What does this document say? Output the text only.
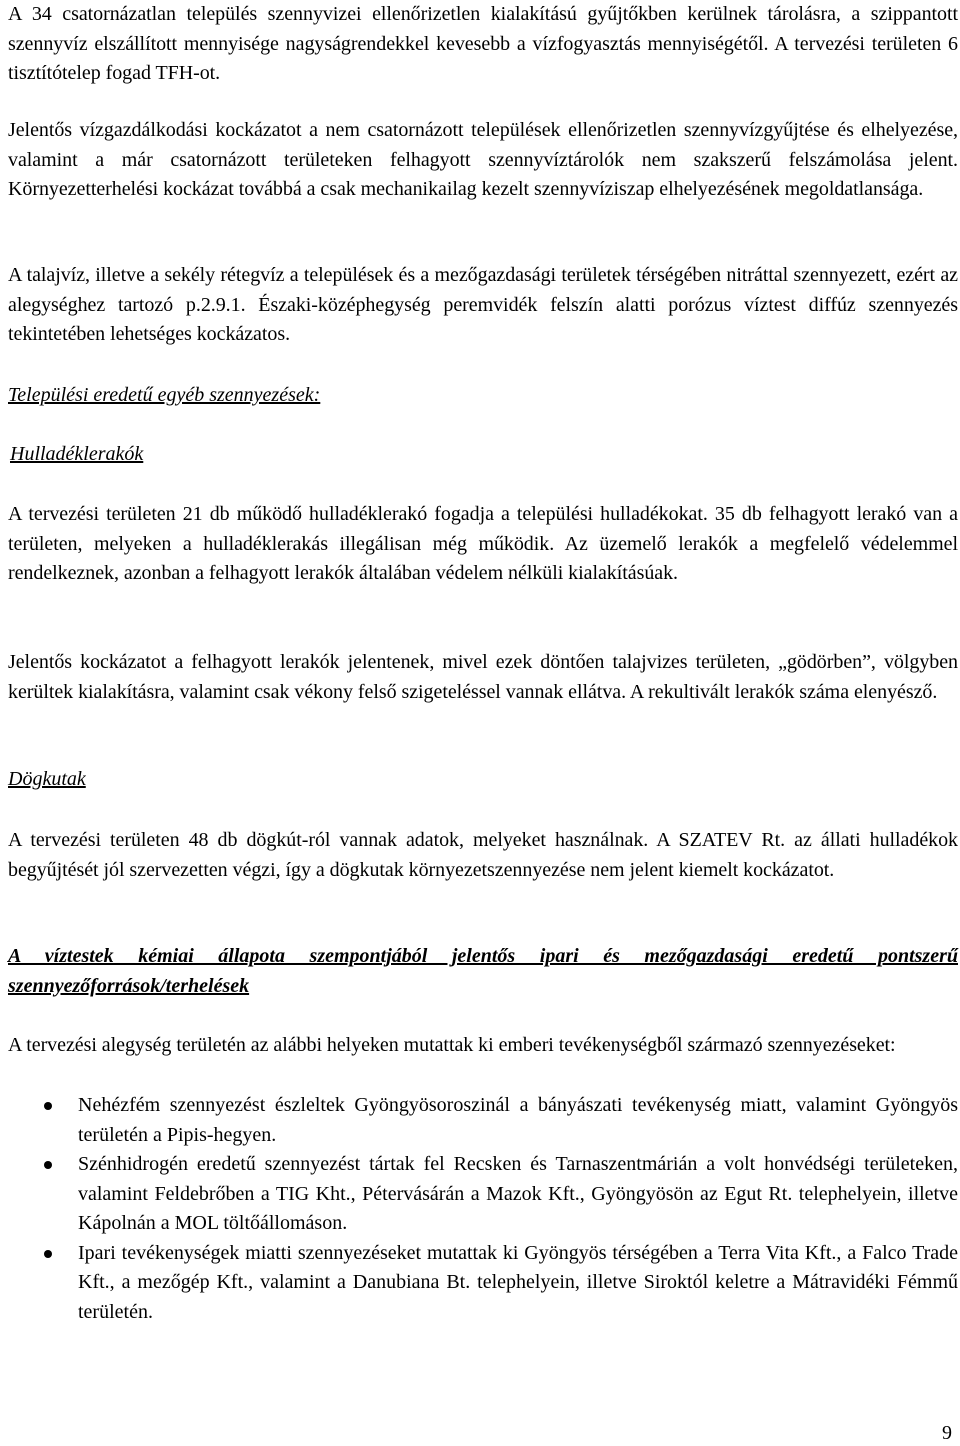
A 34 csatornázatlan település szennyvizei ellenőrizetlen kialakítású gyűjtőkben kerülnek tárolásra, a szippantott szennyvíz elszállított mennyisége nagyságrendekkel kevesebb a vízfogyasztás mennyiségétől. A tervezési területen 6 tisztítótelep fogad TFH-ot.

Jelentős vízgazdálkodási kockázatot a nem csatornázott települések ellenőrizetlen szennyvízgyűjtése és elhelyezése, valamint a már csatornázott területeken felhagyott szennyvíztárolók nem szakszerű felszámolása jelent. Környezetterhelési kockázat továbbá a csak mechanikailag kezelt szennyvíziszap elhelyezésének megoldatlansága.

A talajvíz, illetve a sekély rétegvíz a települések és a mezőgazdasági területek térségében nitráttal szennyezett, ezért az alegységhez tartozó p.2.9.1. Északi-középhegység peremvidék felszín alatti porózus víztest diffúz szennyezés tekintetében lehetséges kockázatos.

Települési eredetű egyéb szennyezések:

Hulladéklerakók

A tervezési területen 21 db működő hulladéklerakó fogadja a települési hulladékokat. 35 db felhagyott lerakó van a területen, melyeken a hulladéklerakás illegálisan még működik. Az üzemelő lerakók a megfelelő védelemmel rendelkeznek, azonban a felhagyott lerakók általában védelem nélküli kialakításúak.

Jelentős kockázatot a felhagyott lerakók jelentenek, mivel ezek döntően talajvizes területen, „gödörben”, völgyben kerültek kialakításra, valamint csak vékony felső szigeteléssel vannak ellátva. A rekultivált lerakók száma elenyésző.

Dögkutak

A tervezési területen 48 db dögkút-ról vannak adatok, melyeket használnak. A SZATEV Rt. az állati hulladékok begyűjtését jól szervezetten végzi, így a dögkutak környezetszennyezése nem jelent kiemelt kockázatot.

A víztestek kémiai állapota szempontjából jelentős ipari és mezőgazdasági eredetű pontszerű szennyezőforrások/terhelések

A tervezési alegység területén az alábbi helyeken mutattak ki emberi tevékenységből származó szennyezéseket:

Nehézfém szennyezést észleltek Gyöngyösoroszinál a bányászati tevékenység miatt, valamint Gyöngyös területén a Pipis-hegyen.
Szénhidrogén eredetű szennyezést tártak fel Recsken és Tarnaszentmárián a volt honvédségi területeken, valamint Feldebrőben a TIG Kht., Pétervásárán a Mazok Kft., Gyöngyösön az Egut Rt. telephelyein, illetve Kápolnán a MOL töltőállomáson.
Ipari tevékenységek miatti szennyezéseket mutattak ki Gyöngyös térségében a Terra Vita Kft., a Falco Trade Kft., a mezőgép Kft., valamint a Danubiana Bt. telephelyein, illetve Siroktól keletre a Mátravidéki Fémmű területén.
9
